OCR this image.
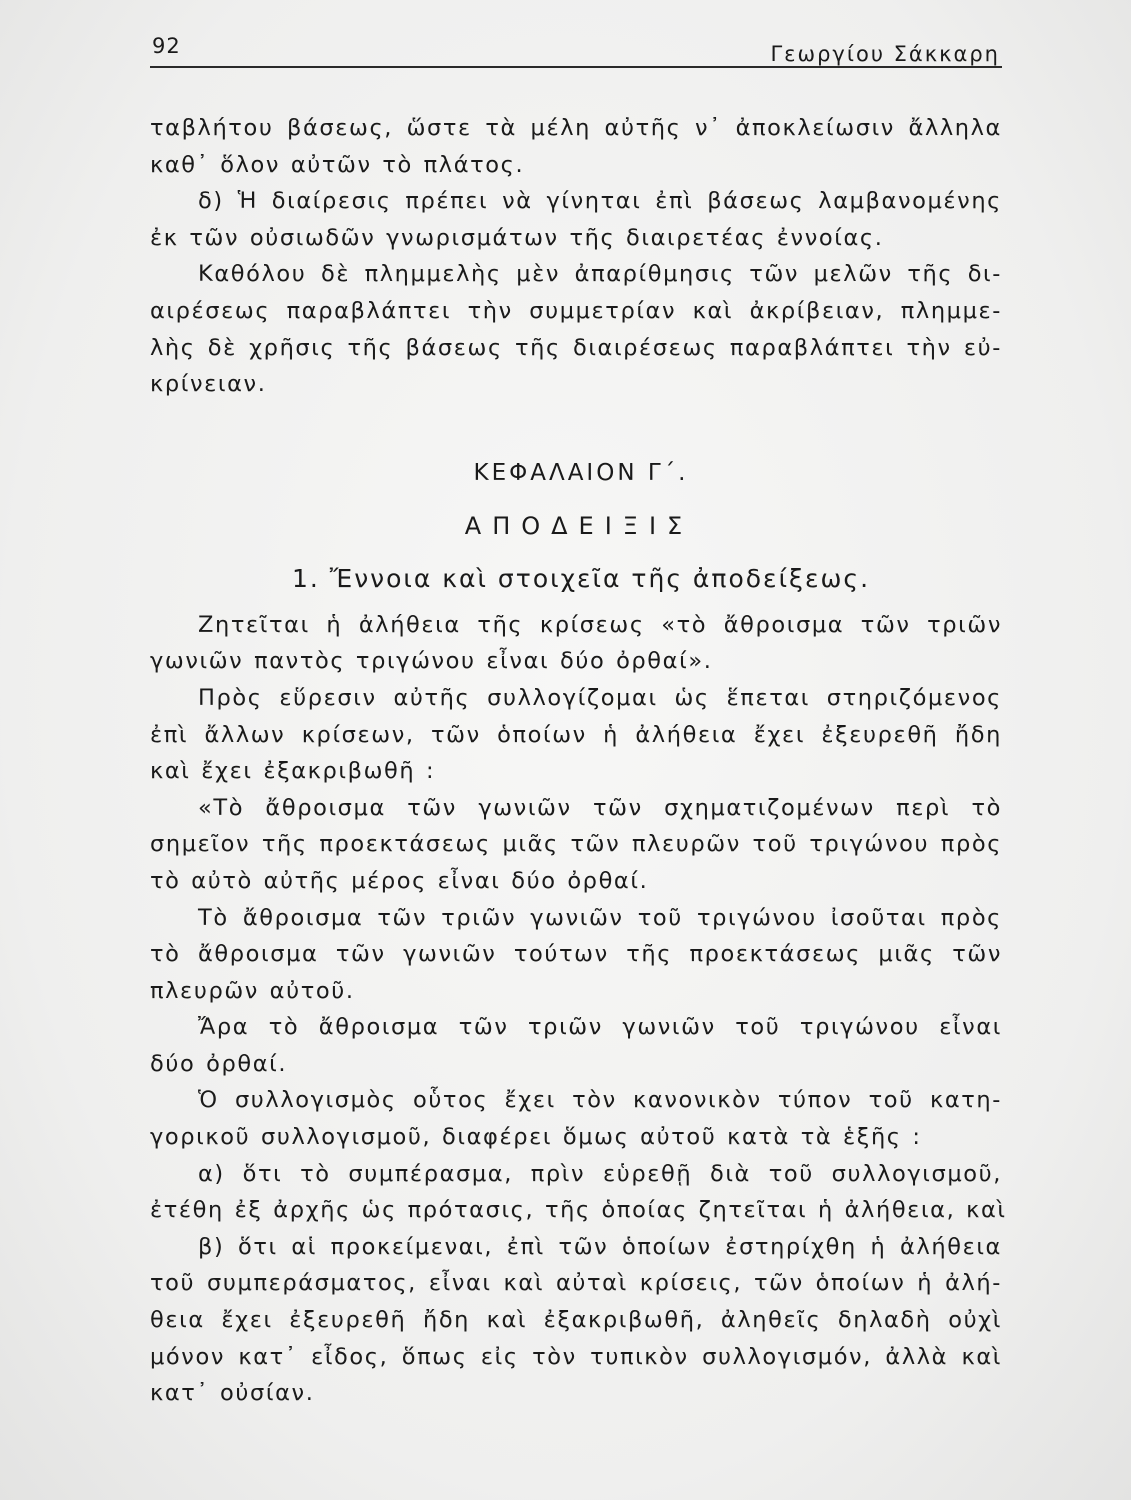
92	Γεωργίου Σάκκαρη
ταβλήτου βάσεως, ὥστε τὰ μέλη αὐτῆς ν᾽ ἀποκλείωσιν ἄλληλα
καθ᾽ ὅλον αὐτῶν τὸ πλάτος.
δ) Ἡ διαίρεσις πρέπει νὰ γίνηται ἐπὶ βάσεως λαμβανομένης
ἐκ τῶν οὐσιωδῶν γνωρισμάτων τῆς διαιρετέας ἐννοίας.
Καθόλου δὲ πλημμελὴς μὲν ἀπαρίθμησις τῶν μελῶν τῆς δι-
αιρέσεως παραβλάπτει τὴν συμμετρίαν καὶ ἀκρίβειαν, πλημμε-
λὴς δὲ χρῆσις τῆς βάσεως τῆς διαιρέσεως παραβλάπτει τὴν εὐ-
κρίνειαν.
ΚΕΦΑΛΑΙΟΝ Γ΄.
ΑΠΟΔΕΙΞΙΣ
1. Ἔννοια καὶ στοιχεῖα τῆς ἀποδείξεως.
Ζητεῖται ἡ ἀλήθεια τῆς κρίσεως «τὸ ἄθροισμα τῶν τριῶν
γωνιῶν παντὸς τριγώνου εἶναι δύο ὀρθαί».
Πρὸς εὕρεσιν αὐτῆς συλλογίζομαι ὡς ἕπεται στηριζόμενος
ἐπὶ ἄλλων κρίσεων, τῶν ὁποίων ἡ ἀλήθεια ἔχει ἐξευρεθῆ ἤδη
καὶ ἔχει ἐξακριβωθῆ :
«Τὸ ἄθροισμα τῶν γωνιῶν τῶν σχηματιζομένων περὶ τὸ
σημεῖον τῆς προεκτάσεως μιᾶς τῶν πλευρῶν τοῦ τριγώνου πρὸς
τὸ αὐτὸ αὐτῆς μέρος εἶναι δύο ὀρθαί.
Τὸ ἄθροισμα τῶν τριῶν γωνιῶν τοῦ τριγώνου ἰσοῦται πρὸς
τὸ ἄθροισμα τῶν γωνιῶν τούτων τῆς προεκτάσεως μιᾶς τῶν
πλευρῶν αὐτοῦ.
Ἄρα τὸ ἄθροισμα τῶν τριῶν γωνιῶν τοῦ τριγώνου εἶναι
δύο ὀρθαί.
Ὁ συλλογισμὸς οὗτος ἔχει τὸν κανονικὸν τύπον τοῦ κατη-
γορικοῦ συλλογισμοῦ, διαφέρει ὅμως αὐτοῦ κατὰ τὰ ἑξῆς :
α) ὅτι τὸ συμπέρασμα, πρὶν εὑρεθῇ διὰ τοῦ συλλογισμοῦ,
ἐτέθη ἐξ ἀρχῆς ὡς πρότασις, τῆς ὁποίας ζητεῖται ἡ ἀλήθεια, καὶ
β) ὅτι αἱ προκείμεναι, ἐπὶ τῶν ὁποίων ἐστηρίχθη ἡ ἀλήθεια
τοῦ συμπεράσματος, εἶναι καὶ αὐταὶ κρίσεις, τῶν ὁποίων ἡ ἀλή-
θεια ἔχει ἐξευρεθῆ ἤδη καὶ ἐξακριβωθῆ, ἀληθεῖς δηλαδὴ οὐχὶ
μόνον κατ᾽ εἶδος, ὅπως εἰς τὸν τυπικὸν συλλογισμόν, ἀλλὰ καὶ
κατ᾽ οὐσίαν.
